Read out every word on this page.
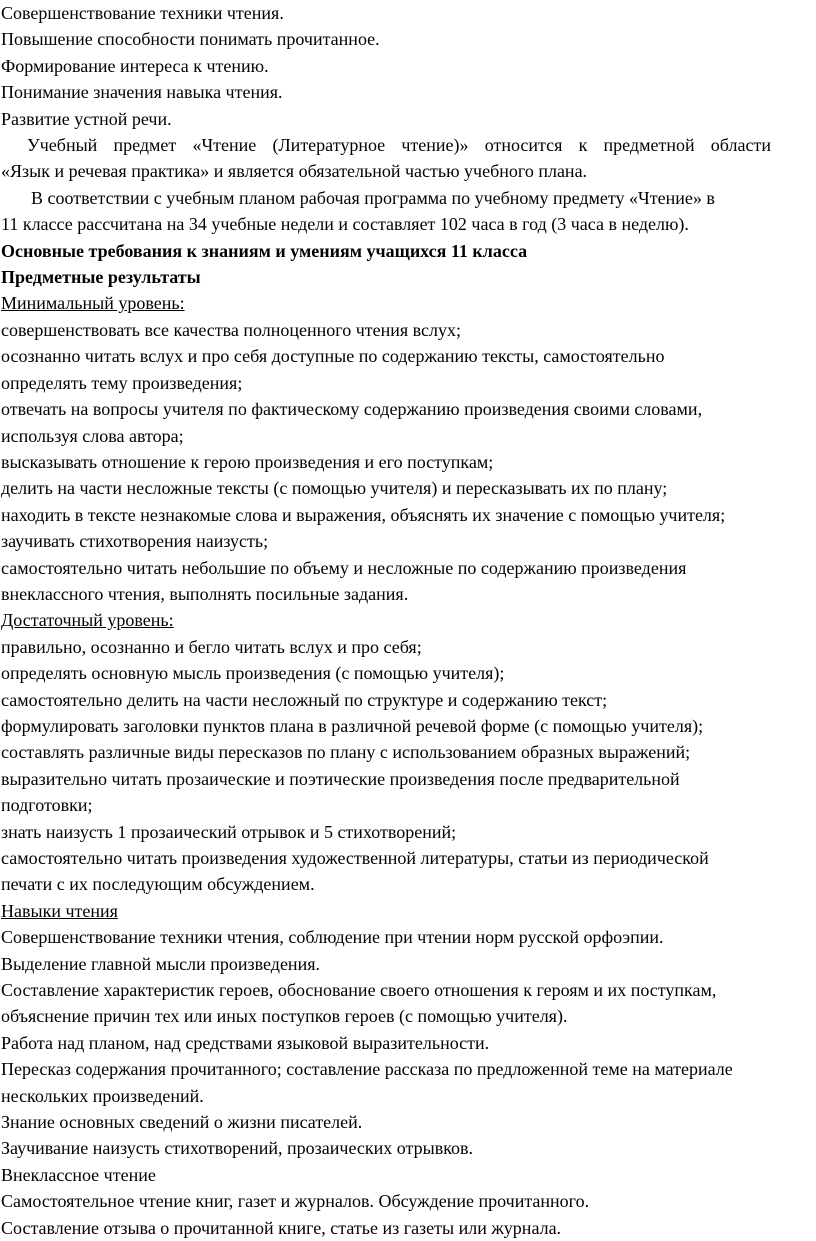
Совершенствование техники чтения.
Повышение способности понимать прочитанное.
Формирование интереса к чтению.
Понимание значения навыка чтения.
Развитие устной речи.
Учебный предмет «Чтение (Литературное чтение)» относится к предметной области
«Язык и речевая практика» и является обязательной частью учебного плана.
В соответствии с учебным планом рабочая программа по учебному предмету «Чтение» в
11 классе рассчитана на 34 учебные недели и составляет 102 часа в год (3 часа в неделю).
Основные требования к знаниям и умениям учащихся 11 класса
Предметные результаты
Минимальный уровень:
совершенствовать все качества полноценного чтения вслух;
осознанно читать вслух и про себя доступные по содержанию тексты, самостоятельно
определять тему произведения;
отвечать на вопросы учителя по фактическому содержанию произведения своими словами,
используя слова автора;
высказывать отношение к герою произведения и его поступкам;
делить на части несложные тексты (с помощью учителя) и пересказывать их по плану;
находить в тексте незнакомые слова и выражения, объяснять их значение с помощью учителя;
заучивать стихотворения наизусть;
самостоятельно читать небольшие по объему и несложные по содержанию произведения
внеклассного чтения, выполнять посильные задания.
Достаточный уровень:
правильно, осознанно и бегло читать вслух и про себя;
определять основную мысль произведения (с помощью учителя);
самостоятельно делить на части несложный по структуре и содержанию текст;
формулировать заголовки пунктов плана в различной речевой форме (с помощью учителя);
составлять различные виды пересказов по плану с использованием образных выражений;
выразительно читать прозаические и поэтические произведения после предварительной
подготовки;
знать наизусть 1 прозаический отрывок и 5 стихотворений;
самостоятельно читать произведения художественной литературы, статьи из периодической
печати с их последующим обсуждением.
Навыки чтения
Совершенствование техники чтения, соблюдение при чтении норм русской орфоэпии.
Выделение главной мысли произведения.
Составление характеристик героев, обоснование своего отношения к героям и их поступкам,
объяснение причин тех или иных поступков героев (с помощью учителя).
Работа над планом, над средствами языковой выразительности.
Пересказ содержания прочитанного; составление рассказа по предложенной теме на материале
нескольких произведений.
Знание основных сведений о жизни писателей.
Заучивание наизусть стихотворений, прозаических отрывков.
Внеклассное чтение
Самостоятельное чтение книг, газет и журналов. Обсуждение прочитанного.
Составление отзыва о прочитанной книге, статье из газеты или журнала.
